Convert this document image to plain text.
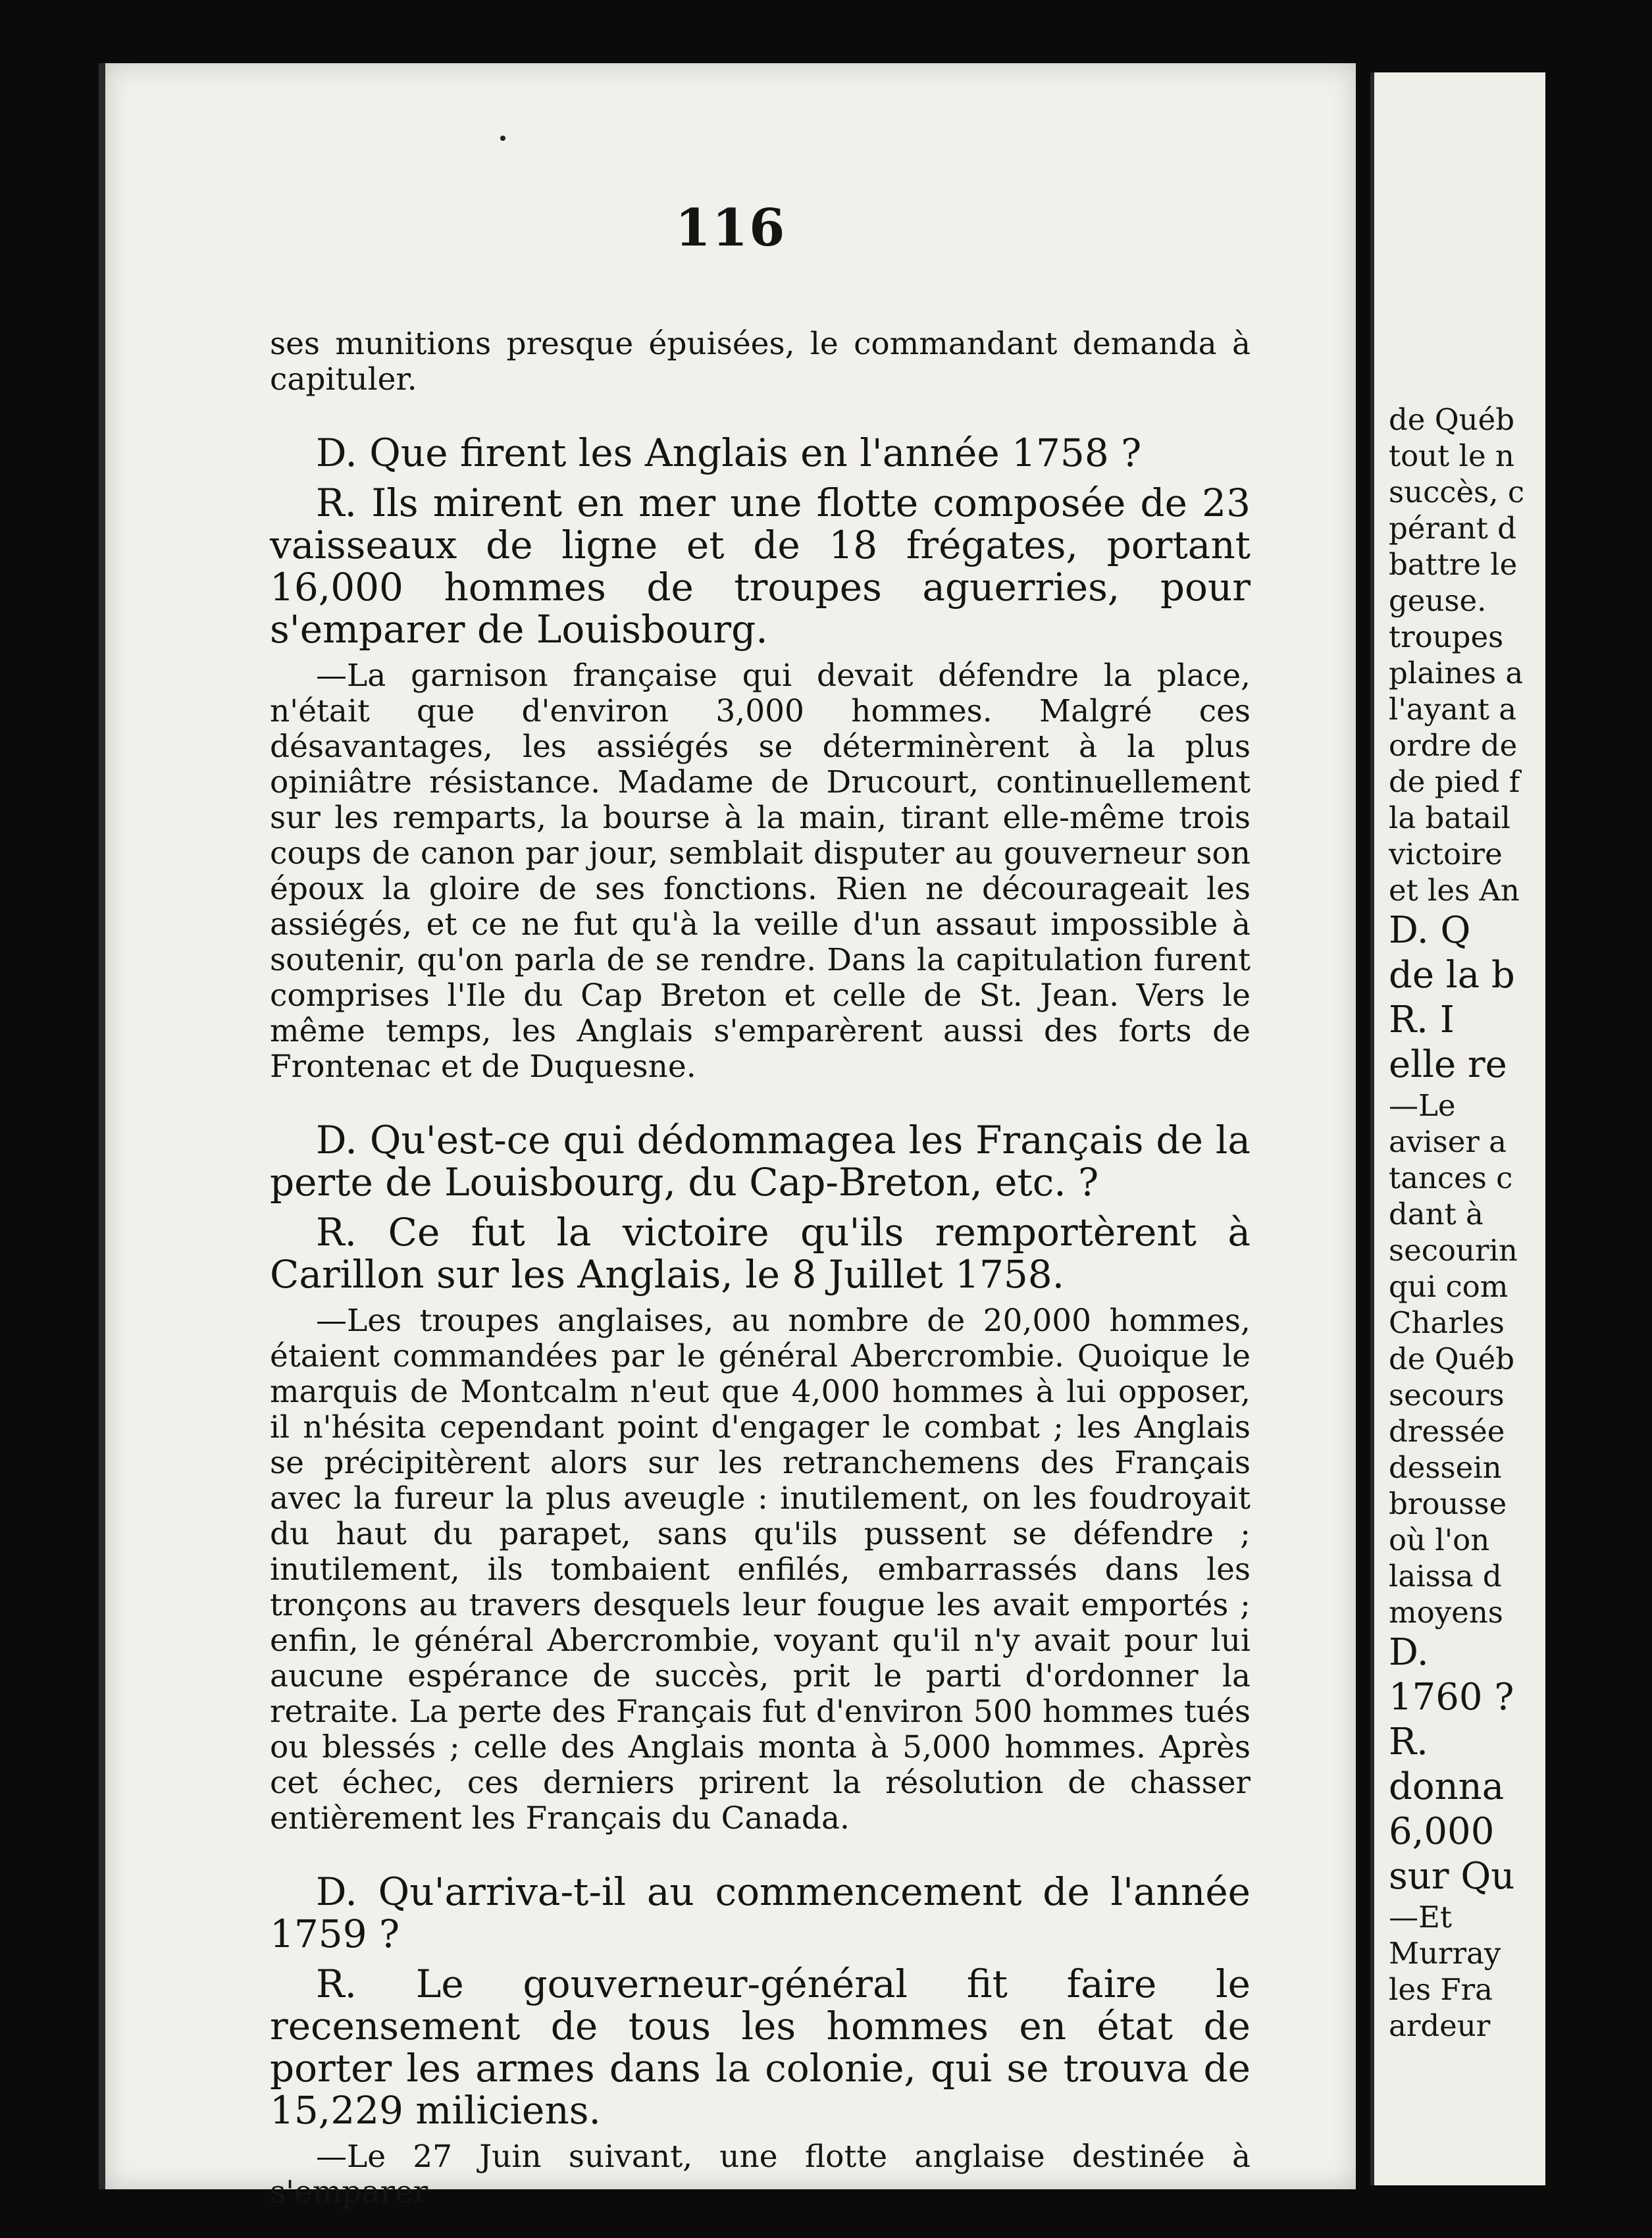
116

ses munitions presque épuisées, le commandant demanda à capituler.

D. Que firent les Anglais en l'année 1758 ?

R. Ils mirent en mer une flotte composée de 23 vaisseaux de ligne et de 18 frégates, portant 16,000 hommes de troupes aguerries, pour s'emparer de Louisbourg.

—La garnison française qui devait défendre la place, n'était que d'environ 3,000 hommes. Malgré ces désavantages, les assiégés se déterminèrent à la plus opiniâtre résistance. Madame de Drucourt, continuellement sur les remparts, la bourse à la main, tirant elle-même trois coups de canon par jour, semblait disputer au gouverneur son époux la gloire de ses fonctions. Rien ne décourageait les assiégés, et ce ne fut qu'à la veille d'un assaut impossible à soutenir, qu'on parla de se rendre. Dans la capitulation furent comprises l'Ile du Cap Breton et celle de St. Jean. Vers le même temps, les Anglais s'emparèrent aussi des forts de Frontenac et de Duquesne.

D. Qu'est-ce qui dédommagea les Français de la perte de Louisbourg, du Cap-Breton, etc. ?

R. Ce fut la victoire qu'ils remportèrent à Carillon sur les Anglais, le 8 Juillet 1758.

—Les troupes anglaises, au nombre de 20,000 hommes, étaient commandées par le général Abercrombie. Quoique le marquis de Montcalm n'eut que 4,000 hommes à lui opposer, il n'hésita cependant point d'engager le combat ; les Anglais se précipitèrent alors sur les retranchemens des Français avec la fureur la plus aveugle : inutilement, on les foudroyait du haut du parapet, sans qu'ils pussent se défendre ; inutilement, ils tombaient enfilés, embarrassés dans les tronçons au travers desquels leur fougue les avait emportés ; enfin, le général Abercrombie, voyant qu'il n'y avait pour lui aucune espérance de succès, prit le parti d'ordonner la retraite. La perte des Français fut d'environ 500 hommes tués ou blessés ; celle des Anglais monta à 5,000 hommes. Après cet échec, ces derniers prirent la résolution de chasser entièrement les Français du Canada.

D. Qu'arriva-t-il au commencement de l'année 1759 ?

R. Le gouverneur-général fit faire le recensement de tous les hommes en état de porter les armes dans la colonie, qui se trouva de 15,229 miliciens.

—Le 27 Juin suivant, une flotte anglaise destinée à s'emparer

de Québ
tout le n
succès, c
pérant d
battre le
geuse.
troupes
plaines a
l'ayant a
ordre de
de pied f
la batail
victoire
et les An
D. Q
de la b
R. I
elle re
—Le
aviser a
tances c
dant à
secourin
qui com
Charles
de Québ
secours
dressée
dessein
brousse
où l'on
laissa d
moyens
D.
1760 ?
R.
donna
6,000
sur Qu
—Et
Murray
les Fra
ardeur
